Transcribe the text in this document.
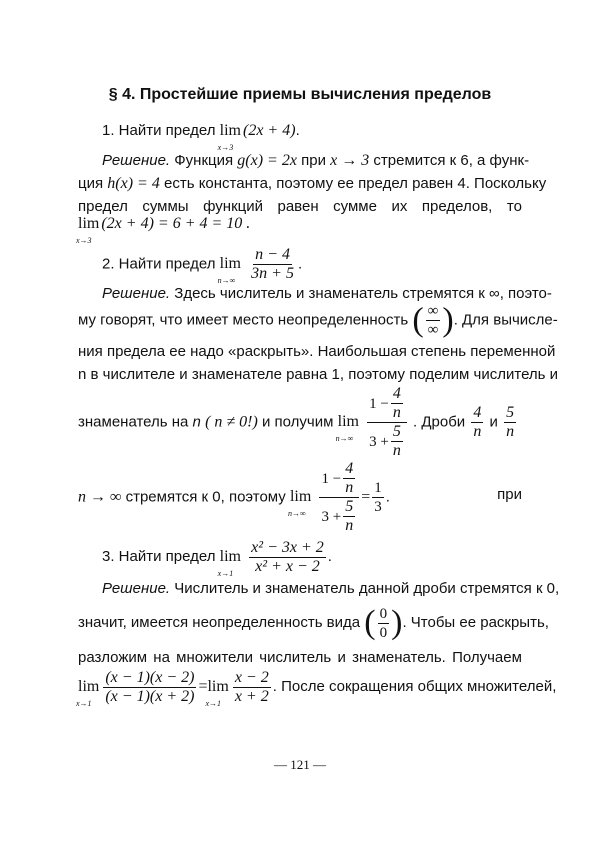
§ 4. Простейшие приемы вычисления пределов
1. Найти предел lim
x→3
(2x + 4).
Решение. Функция g(x) = 2x при x → 3 стремится к 6, а функ-
ция h(x) = 4 есть константа, поэтому ее предел равен 4. Поскольку
предел суммы функций равен сумме их пределов, то
lim
x→3
(2x + 4) = 6 + 4 = 10 .
2. Найти предел lim
n→∞
$\frac{n - 4}{3n + 5}$ .
Решение. Здесь числитель и знаменатель стремятся к ∞, поэто-
му говорят, что имеет место неопределенность ( $\frac{\infty}{\infty}$ ). Для вычисле-
ния предела ее надо «раскрыть». Наибольшая степень переменной
n в числителе и знаменателе равна 1, поэтому поделим числитель и
знаменатель на n ( n ≠ 0!) и получим lim
n→∞
$\frac{1 - \frac{4}{n}}{3 + \frac{5}{n}}$ . Дроби $\frac{4}{n}$ и $\frac{5}{n}$
при
n → ∞ стремятся к 0, поэтому lim
n→∞
$\frac{1 - \frac{4}{n}}{3 + \frac{5}{n}} = \frac{1}{3}$ .
3. Найти предел lim
x→1
$\frac{\text{x² − 3x + 2}}{\text{x² + x − 2}}$ .
Решение. Числитель и знаменатель данной дроби стремятся к 0,
значит, имеется неопределенность вида ( $\frac{0}{0}$ ). Чтобы ее раскрыть,
разложим на множители числитель и знаменатель. Получаем
lim
$x\to 1 \frac{(x - 1)(x - 2)}{(x - 1)(x + 2)} =\lim$
$x\to 1 \frac{x - 2}{x + 2}$ . После сокращения общих множителей,
— 121 —
